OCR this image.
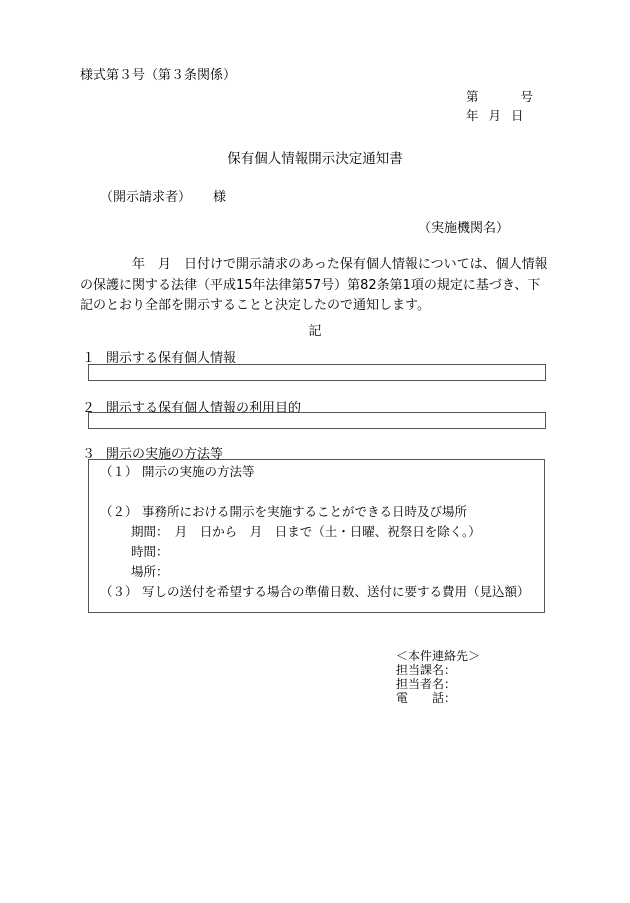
様式第３号（第３条関係）
第	号
年 月 日
保有個人情報開示決定通知書
（開示請求者） 様
（実施機関名）
　　　　年　月　日付けで開示請求のあった保有個人情報については、個人情報の保護に関する法律（平成15年法律第57号）第82条第1項の規定に基づき、下記のとおり全部を開示することと決定したので通知します。
記
１ 開示する保有個人情報
２ 開示する保有個人情報の利用目的
３ 開示の実施の方法等
（１） 開示の実施の方法等
（２） 事務所における開示を実施することができる日時及び場所
期間：　月　日から　月　日まで（土・日曜、祝祭日を除く。）
時間：
場所：
（３） 写しの送付を希望する場合の準備日数、送付に要する費用（見込額）
＜本件連絡先＞
担当課名：
担当者名：
電　　話：
